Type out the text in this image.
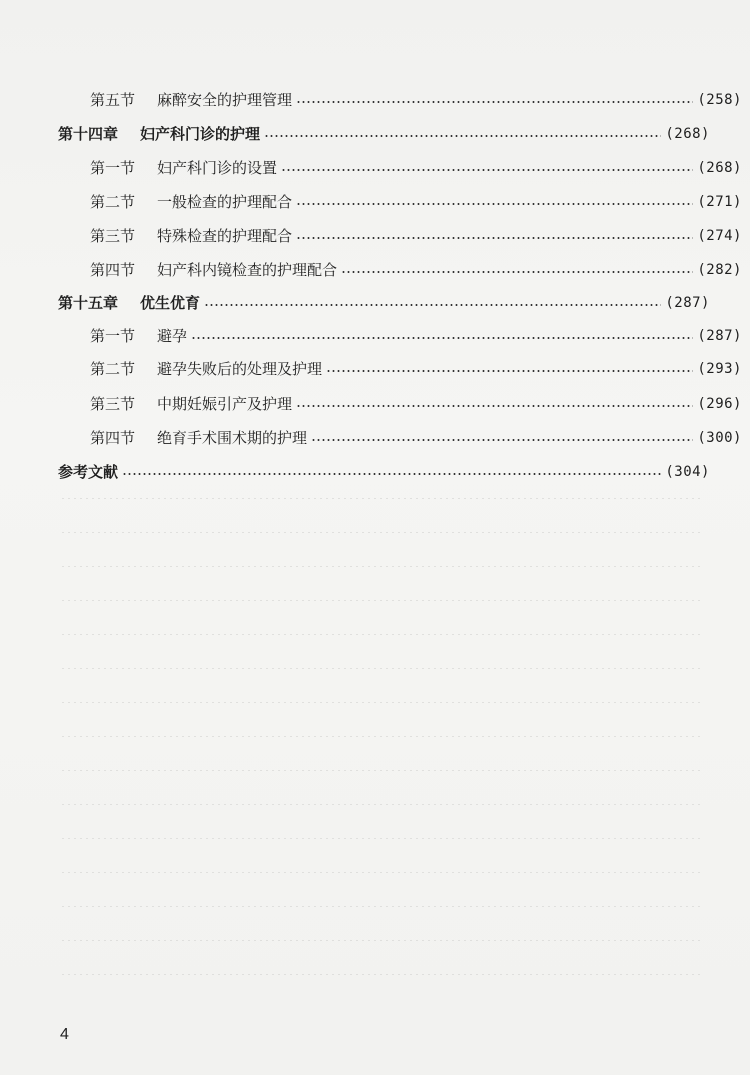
第五节 麻醉安全的护理管理	(258)
第十四章 妇产科门诊的护理	(268)
第一节 妇产科门诊的设置	(268)
第二节 一般检查的护理配合	(271)
第三节 特殊检查的护理配合	(274)
第四节 妇产科内镜检查的护理配合	(282)
第十五章 优生优育	(287)
第一节 避孕	(287)
第二节 避孕失败后的处理及护理	(293)
第三节 中期妊娠引产及护理	(296)
第四节 绝育手术围术期的护理	(300)
参考文献	(304)
4
